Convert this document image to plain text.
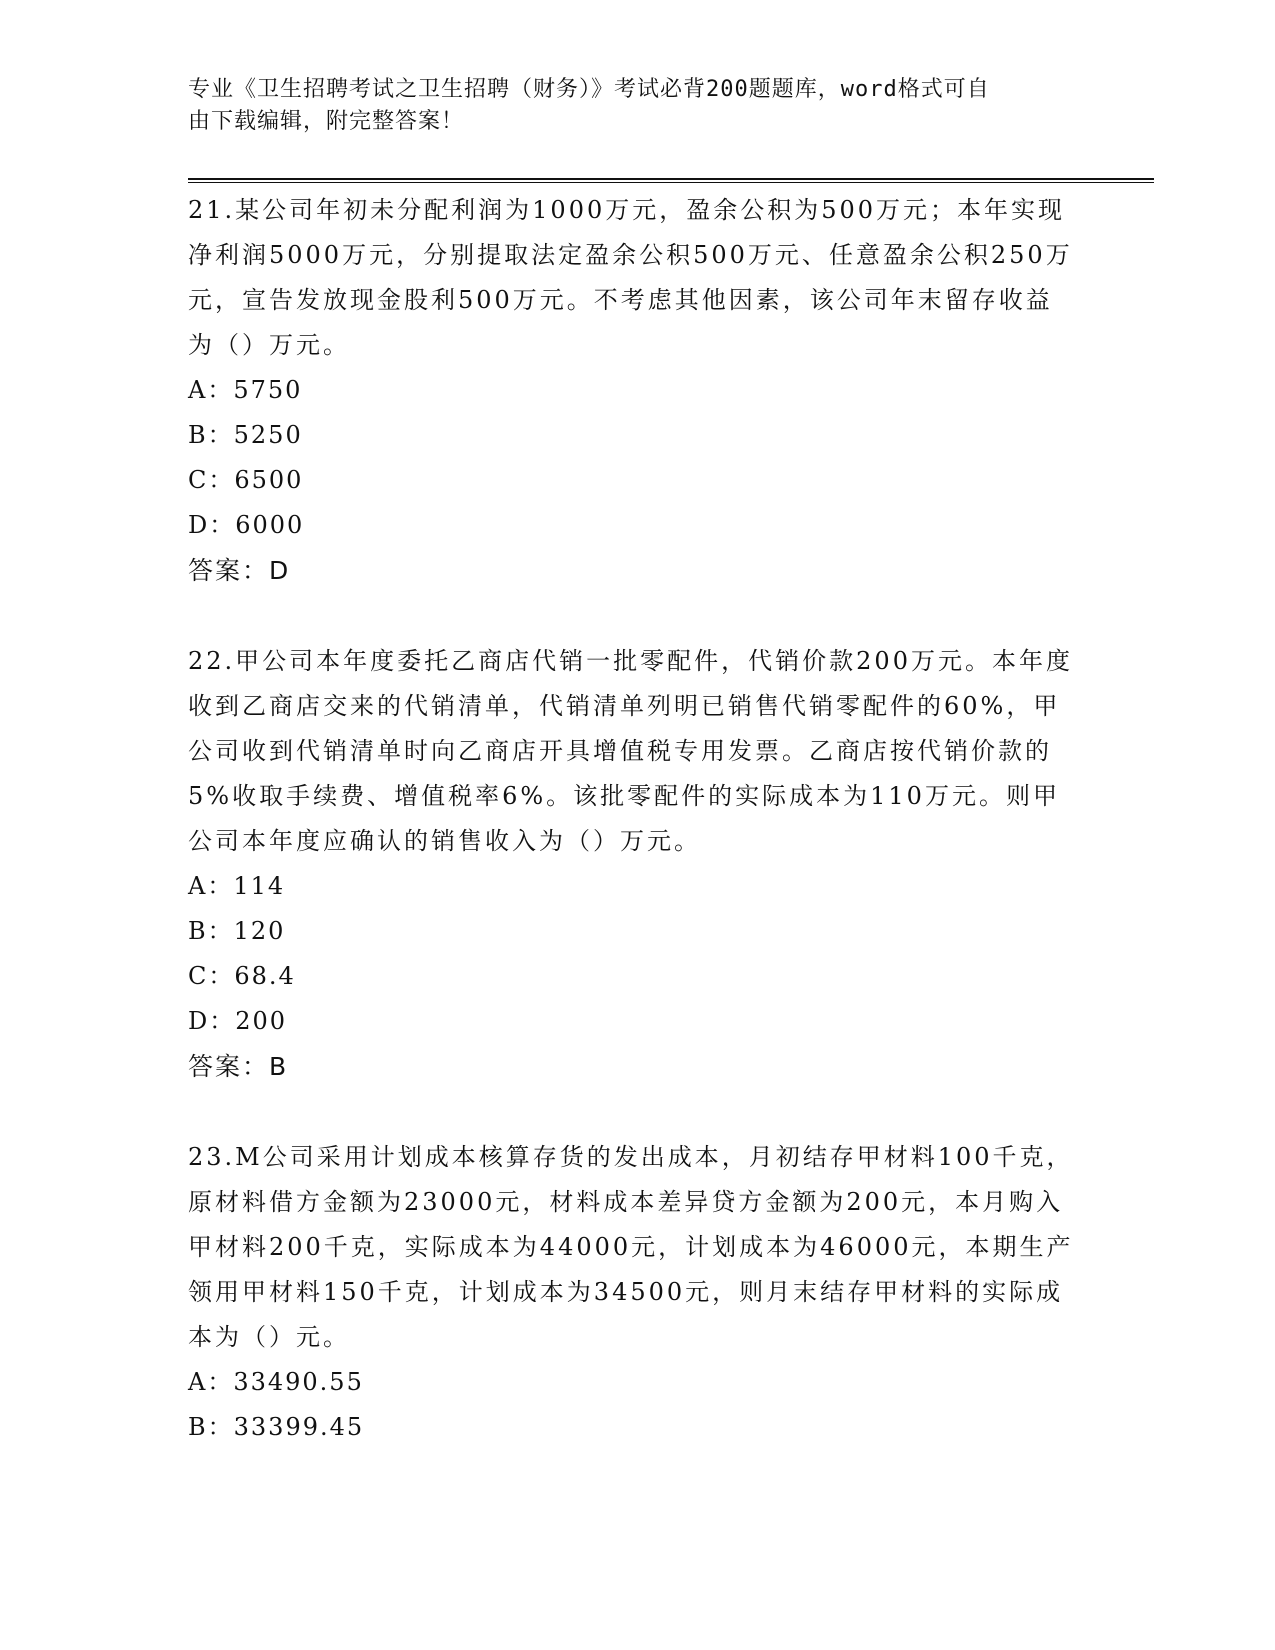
专业《卫生招聘考试之卫生招聘（财务）》考试必背200题题库，word格式可自
由下载编辑，附完整答案！

21.某公司年初未分配利润为1000万元，盈余公积为500万元；本年实现净利润5000万元，分别提取法定盈余公积500万元、任意盈余公积250万元，宣告发放现金股利500万元。不考虑其他因素，该公司年末留存收益为（）万元。

A：5750

B：5250

C：6500

D：6000

答案：D

22.甲公司本年度委托乙商店代销一批零配件，代销价款200万元。本年度收到乙商店交来的代销清单，代销清单列明已销售代销零配件的60%，甲公司收到代销清单时向乙商店开具增值税专用发票。乙商店按代销价款的5%收取手续费、增值税率6%。该批零配件的实际成本为110万元。则甲公司本年度应确认的销售收入为（）万元。

A：114

B：120

C：68.4

D：200

答案：B

23.M公司采用计划成本核算存货的发出成本，月初结存甲材料100千克，原材料借方金额为23000元，材料成本差异贷方金额为200元，本月购入甲材料200千克，实际成本为44000元，计划成本为46000元，本期生产领用甲材料150千克，计划成本为34500元，则月末结存甲材料的实际成本为（）元。

A：33490.55

B：33399.45
